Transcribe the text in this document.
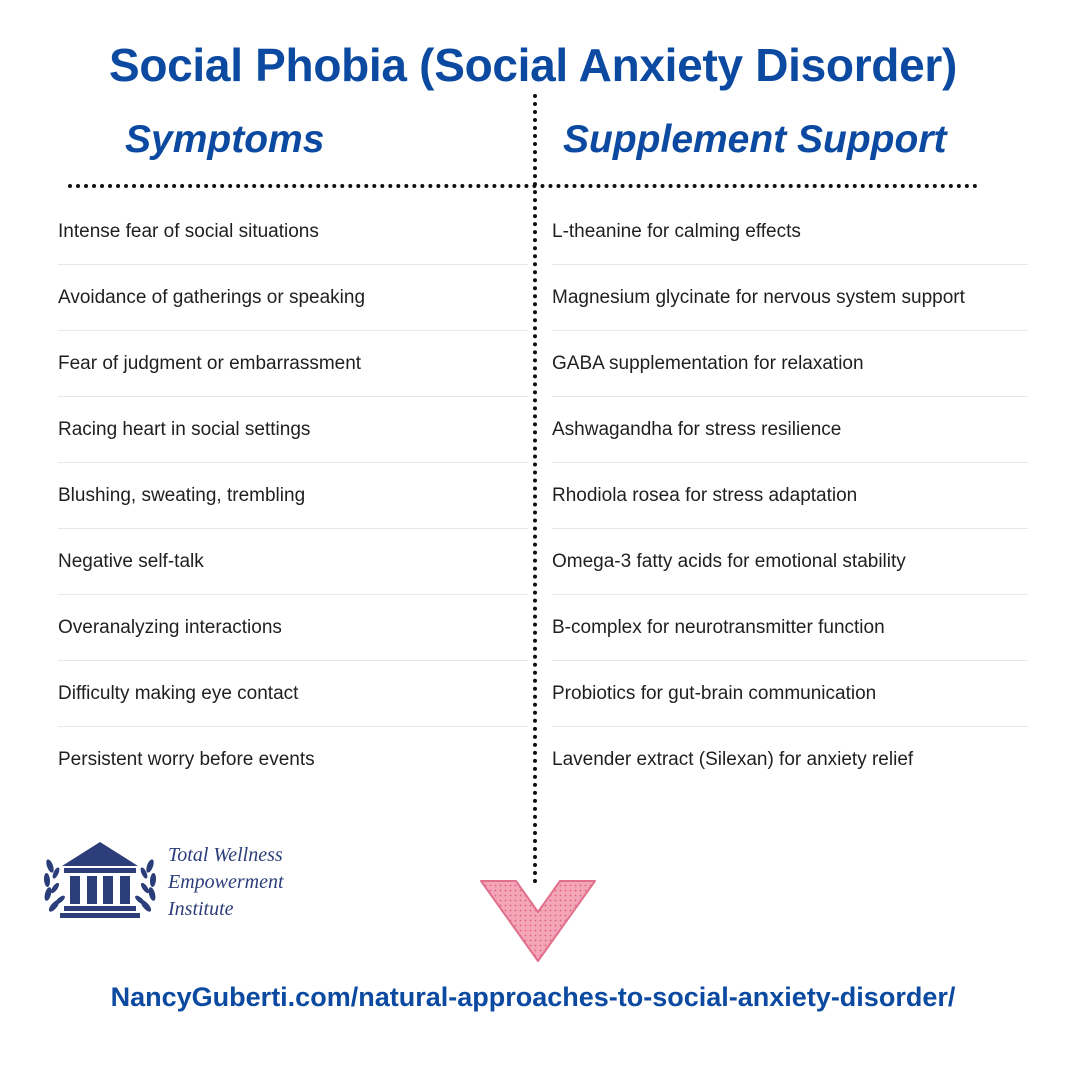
Social Phobia (Social Anxiety Disorder)
Symptoms	Supplement Support
Intense fear of social situations	L-theanine for calming effects
Avoidance of gatherings or speaking	Magnesium glycinate for nervous system support
Fear of judgment or embarrassment	GABA supplementation for relaxation
Racing heart in social settings	Ashwagandha for stress resilience
Blushing, sweating, trembling	Rhodiola rosea for stress adaptation
Negative self-talk	Omega-3 fatty acids for emotional stability
Overanalyzing interactions	B-complex for neurotransmitter function
Difficulty making eye contact	Probiotics for gut-brain communication
Persistent worry before events	Lavender extract (Silexan) for anxiety relief
Total Wellness
Empowerment
Institute
NancyGuberti.com/natural-approaches-to-social-anxiety-disorder/
